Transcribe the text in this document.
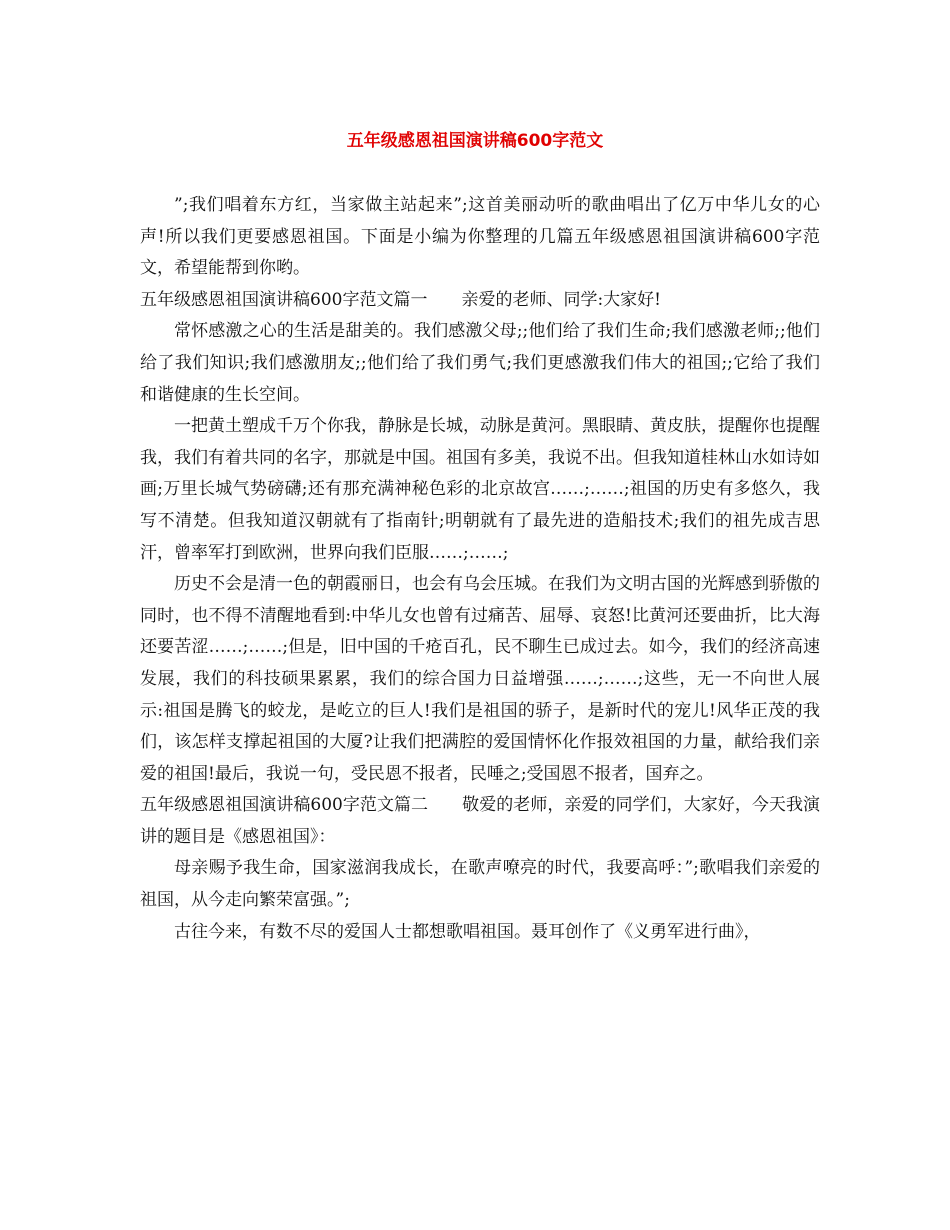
五年级感恩祖国演讲稿600字范文

”;我们唱着东方红，当家做主站起来”;这首美丽动听的歌曲唱出了亿万中华儿女的心声!所以我们更要感恩祖国。下面是小编为你整理的几篇五年级感恩祖国演讲稿600字范文，希望能帮到你哟。

五年级感恩祖国演讲稿600字范文篇一　　亲爱的老师、同学:大家好!

常怀感激之心的生活是甜美的。我们感激父母;;他们给了我们生命;我们感激老师;;他们给了我们知识;我们感激朋友;;他们给了我们勇气;我们更感激我们伟大的祖国;;它给了我们和谐健康的生长空间。

一把黄土塑成千万个你我，静脉是长城，动脉是黄河。黑眼睛、黄皮肤，提醒你也提醒我，我们有着共同的名字，那就是中国。祖国有多美，我说不出。但我知道桂林山水如诗如画;万里长城气势磅礴;还有那充满神秘色彩的北京故宫……;……;祖国的历史有多悠久，我写不清楚。但我知道汉朝就有了指南针;明朝就有了最先进的造船技术;我们的祖先成吉思汗，曾率军打到欧洲，世界向我们臣服……;……;

历史不会是清一色的朝霞丽日，也会有乌会压城。在我们为文明古国的光辉感到骄傲的同时，也不得不清醒地看到:中华儿女也曾有过痛苦、屈辱、哀怒!比黄河还要曲折，比大海还要苦涩……;……;但是，旧中国的千疮百孔，民不聊生已成过去。如今，我们的经济高速发展，我们的科技硕果累累，我们的综合国力日益增强……;……;这些，无一不向世人展示:祖国是腾飞的蛟龙，是屹立的巨人!我们是祖国的骄子，是新时代的宠儿!风华正茂的我们，该怎样支撑起祖国的大厦?让我们把满腔的爱国情怀化作报效祖国的力量，献给我们亲爱的祖国!最后，我说一句，受民恩不报者，民唾之;受国恩不报者，国弃之。

五年级感恩祖国演讲稿600字范文篇二　　敬爱的老师，亲爱的同学们，大家好，今天我演讲的题目是《感恩祖国》：

母亲赐予我生命，国家滋润我成长，在歌声嘹亮的时代，我要高呼：”;歌唱我们亲爱的祖国，从今走向繁荣富强。”;

古往今来，有数不尽的爱国人士都想歌唱祖国。聂耳创作了《义勇军进行曲》，
